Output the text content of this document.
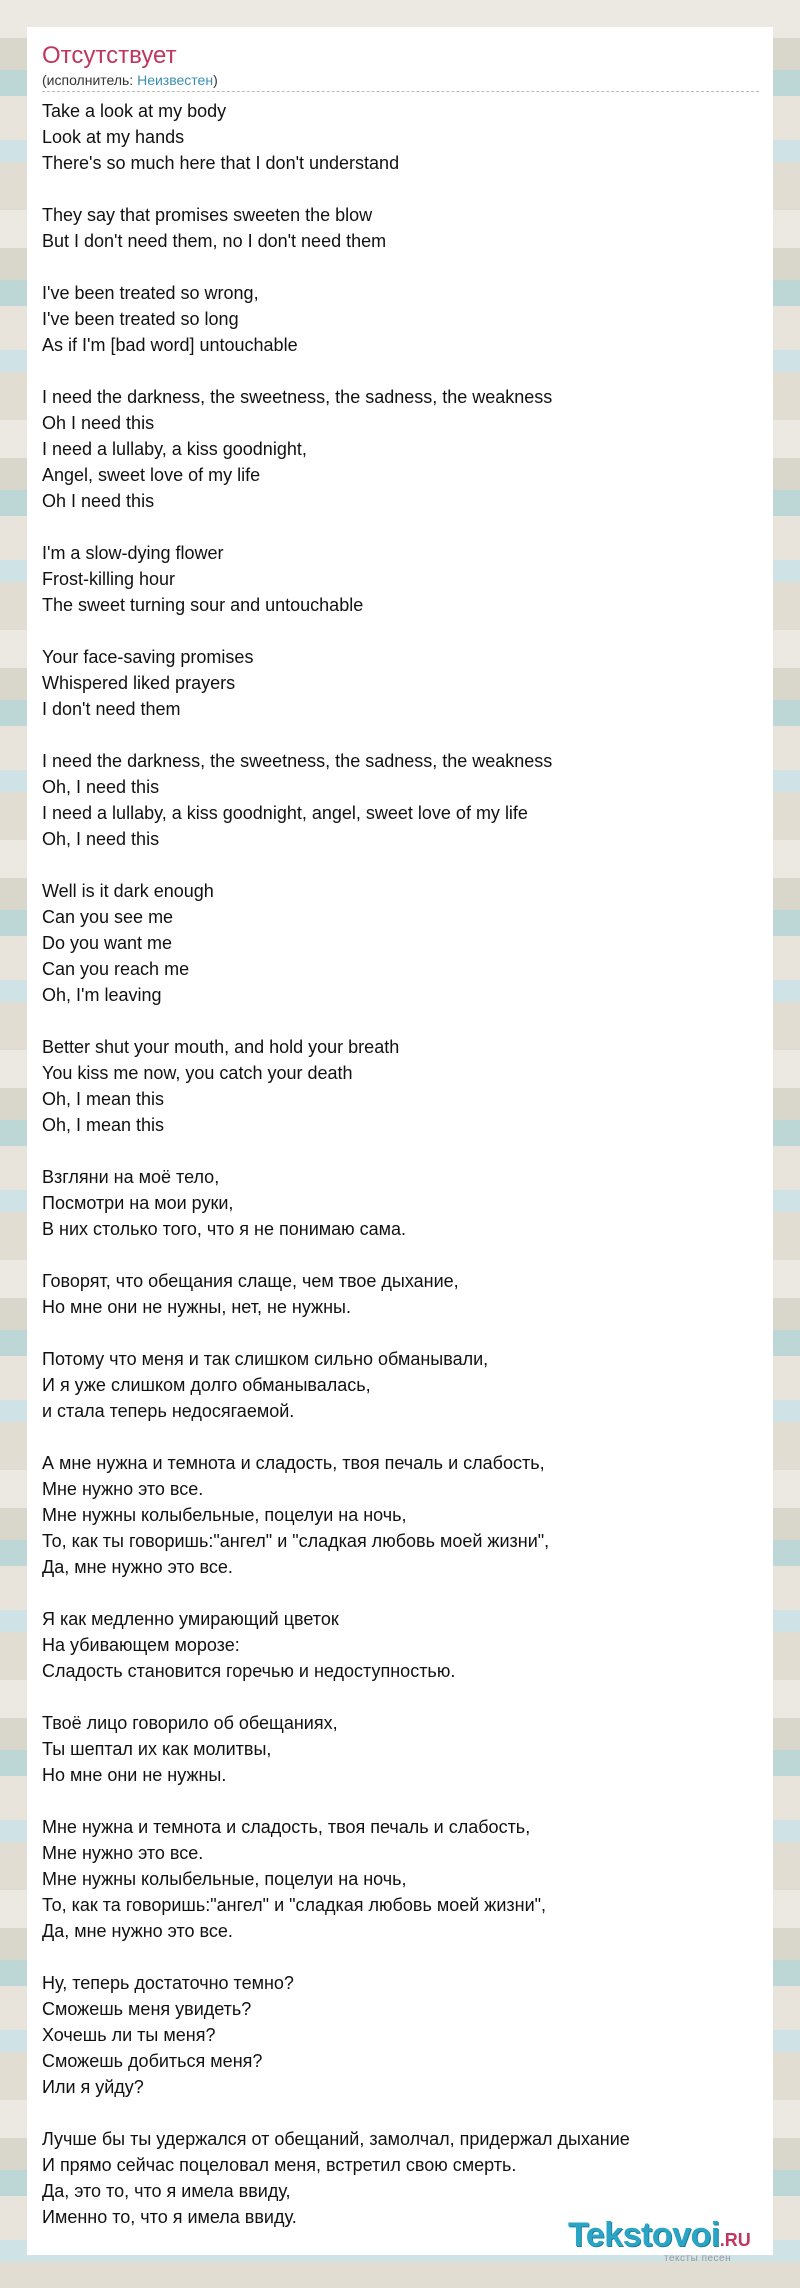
Отсутствует
(исполнитель: Неизвестен)
Take a look at my body
Look at my hands
There's so much here that I don't understand
They say that promises sweeten the blow
But I don't need them, no I don't need them
I've been treated so wrong,
I've been treated so long
As if I'm [bad word] untouchable
I need the darkness, the sweetness, the sadness, the weakness
Oh I need this
I need a lullaby, a kiss goodnight,
Angel, sweet love of my life
Oh I need this
I'm a slow-dying flower
Frost-killing hour
The sweet turning sour and untouchable
Your face-saving promises
Whispered liked prayers
I don't need them
I need the darkness, the sweetness, the sadness, the weakness
Oh, I need this
I need a lullaby, a kiss goodnight, angel, sweet love of my life
Oh, I need this
Well is it dark enough
Can you see me
Do you want me
Can you reach me
Oh, I'm leaving
Better shut your mouth, and hold your breath
You kiss me now, you catch your death
Oh, I mean this
Oh, I mean this
Взгляни на моё тело,
Посмотри на мои руки,
В них столько того, что я не понимаю сама.
Говорят, что обещания слаще, чем твое дыхание,
Но мне они не нужны, нет, не нужны.
Потому что меня и так слишком сильно обманывали,
И я уже слишком долго обманывалась,
и стала теперь недосягаемой.
А мне нужна и темнота и сладость, твоя печаль и слабость,
Мне нужно это все.
Мне нужны колыбельные, поцелуи на ночь,
То, как ты говоришь:"ангел" и "сладкая любовь моей жизни",
Да, мне нужно это все.
Я как медленно умирающий цветок
На убивающем морозе:
Сладость становится горечью и недоступностью.
Твоё лицо говорило об обещаниях,
Ты шептал их как молитвы,
Но мне они не нужны.
Мне нужна и темнота и сладость, твоя печаль и слабость,
Мне нужно это все.
Мне нужны колыбельные, поцелуи на ночь,
То, как та говоришь:"ангел" и "сладкая любовь моей жизни",
Да, мне нужно это все.
Ну, теперь достаточно темно?
Сможешь меня увидеть?
Хочешь ли ты меня?
Сможешь добиться меня?
Или я уйду?
Лучше бы ты удержался от обещаний, замолчал, придержал дыхание
И прямо сейчас поцеловал меня, встретил свою смерть.
Да, это то, что я имела ввиду,
Именно то, что я имела ввиду.	Tekstovoi.RU
тексты песен
